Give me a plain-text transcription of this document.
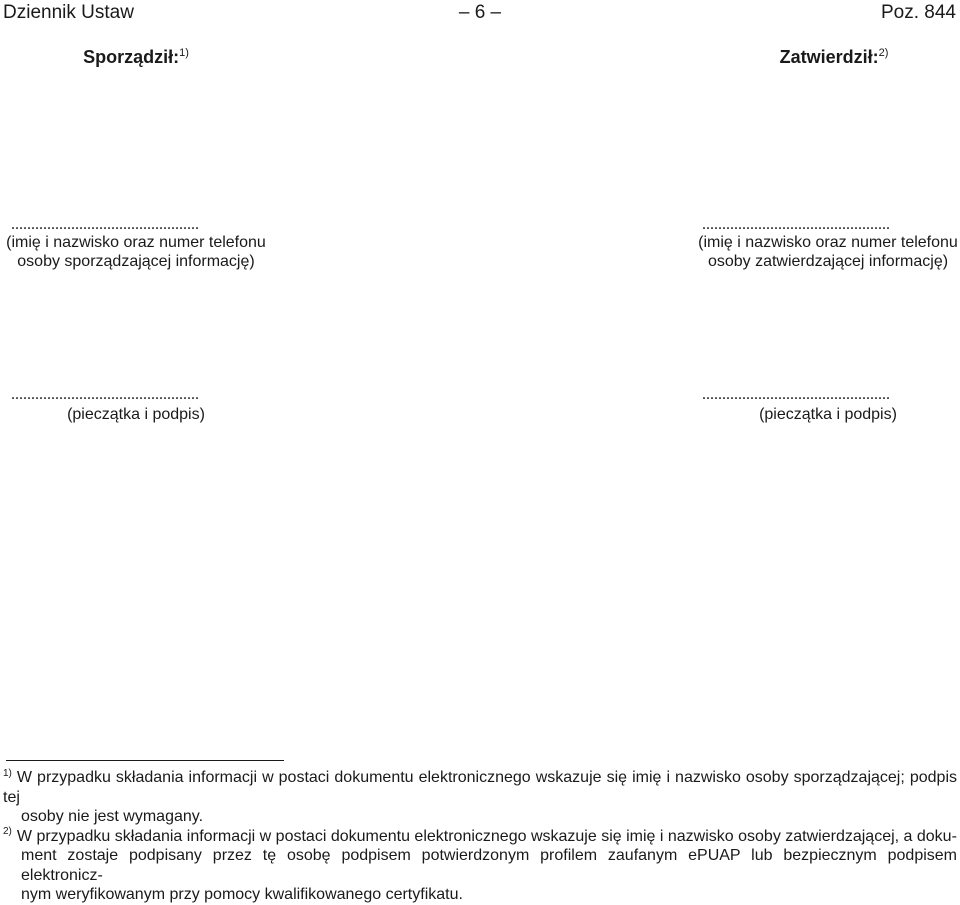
Dziennik Ustaw	– 6 –	Poz. 844
Sporządził:$^{1)}$	Zatwierdził:$^{2)}$
...............................................
(imię i nazwisko oraz numer telefonu
osoby sporządzającej informację)
...............................................
(imię i nazwisko oraz numer telefonu
osoby zatwierdzającej informację)
...............................................
(pieczątka i podpis)
...............................................
(pieczątka i podpis)

$^{1)}$ W przypadku składania informacji w postaci dokumentu elektronicznego wskazuje się imię i nazwisko osoby sporządzającej; podpis tej

osoby nie jest wymagany.

$^{2)}$ W przypadku składania informacji w postaci dokumentu elektronicznego wskazuje się imię i nazwisko osoby zatwierdzającej, a doku-

ment zostaje podpisany przez tę osobę podpisem potwierdzonym profilem zaufanym ePUAP lub bezpiecznym podpisem elektronicz-

nym weryfikowanym przy pomocy kwalifikowanego certyfikatu.
